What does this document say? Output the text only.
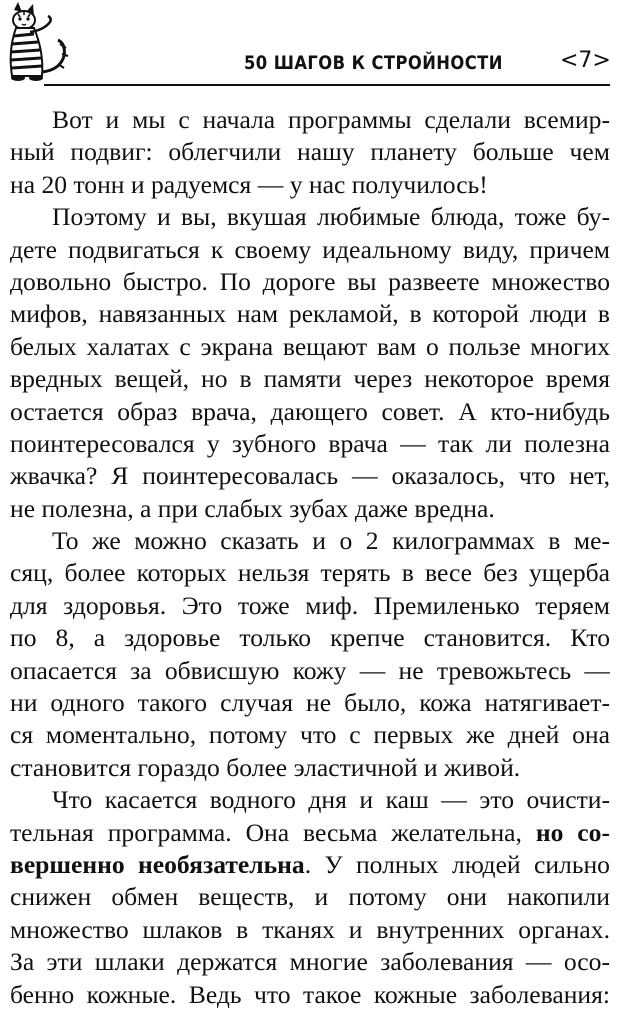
50 ШАГОВ К СТРОЙНОСТИ	<7>
Вот и мы с начала программы сделали всемир-
ный подвиг: облегчили нашу планету больше чем
на 20 тонн и радуемся — у нас получилось!
Поэтому и вы, вкушая любимые блюда, тоже бу-
дете подвигаться к своему идеальному виду, причем
довольно быстро. По дороге вы развеете множество
мифов, навязанных нам рекламой, в которой люди в
белых халатах с экрана вещают вам о пользе многих
вредных вещей, но в памяти через некоторое время
остается образ врача, дающего совет. А кто-нибудь
поинтересовался у зубного врача — так ли полезна
жвачка? Я поинтересовалась — оказалось, что нет,
не полезна, а при слабых зубах даже вредна.
То же можно сказать и о 2 килограммах в ме-
сяц, более которых нельзя терять в весе без ущерба
для здоровья. Это тоже миф. Премиленько теряем
по 8, а здоровье только крепче становится. Кто
опасается за обвисшую кожу — не тревожьтесь —
ни одного такого случая не было, кожа натягивает-
ся моментально, потому что с первых же дней она
становится гораздо более эластичной и живой.
Что касается водного дня и каш — это очисти-
тельная программа. Она весьма желательна, но со-
вершенно необязательна. У полных людей сильно
снижен обмен веществ, и потому они накопили
множество шлаков в тканях и внутренних органах.
За эти шлаки держатся многие заболевания — осо-
бенно кожные. Ведь что такое кожные заболевания:
